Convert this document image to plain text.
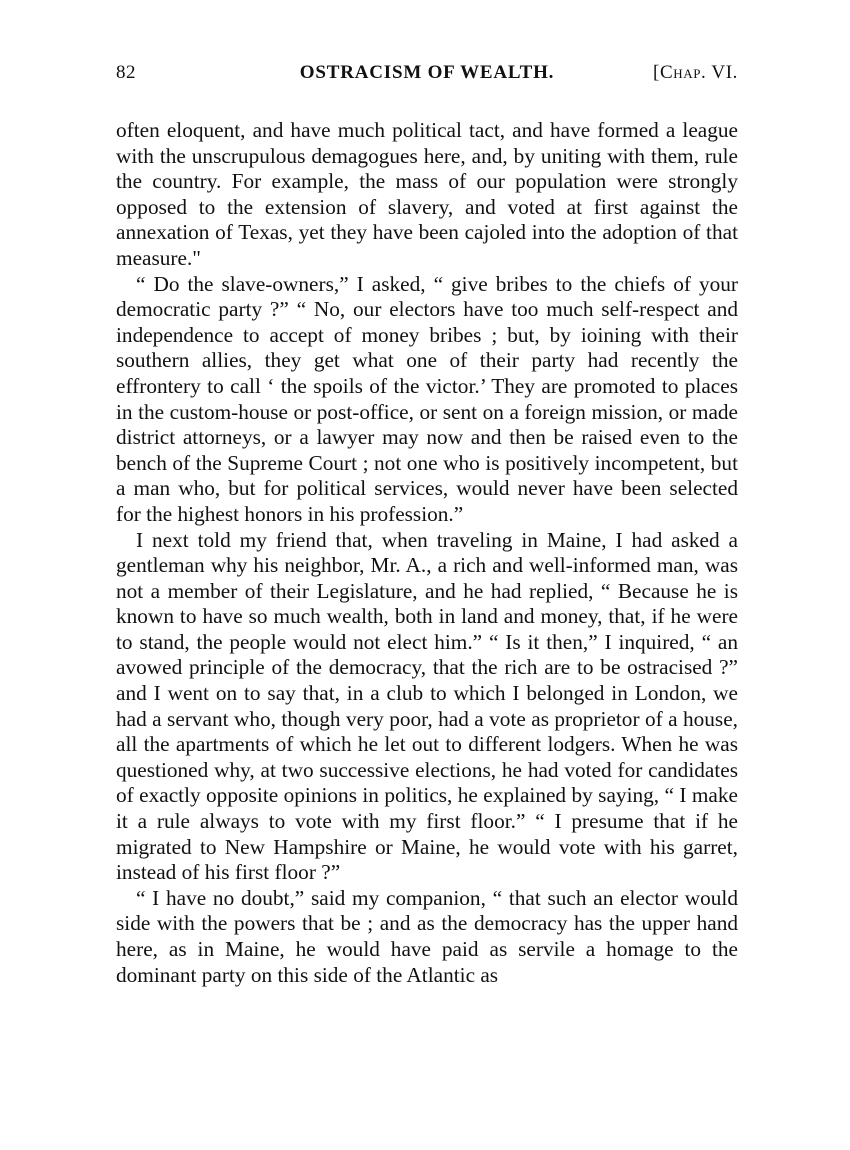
82	OSTRACISM OF WEALTH.	[Chap. VI.

often eloquent, and have much political tact, and have formed a league with the unscrupulous demagogues here, and, by uniting with them, rule the country. For example, the mass of our population were strongly opposed to the extension of slavery, and voted at first against the annexation of Texas, yet they have been cajoled into the adoption of that measure."

“ Do the slave-owners,” I asked, “ give bribes to the chiefs of your democratic party ?” “ No, our electors have too much self-respect and independence to accept of money bribes ; but, by ioining with their southern allies, they get what one of their party had recently the effrontery to call ‘ the spoils of the victor.’ They are promoted to places in the custom-house or post-office, or sent on a foreign mission, or made district attorneys, or a lawyer may now and then be raised even to the bench of the Supreme Court ; not one who is positively incompetent, but a man who, but for political services, would never have been selected for the highest honors in his profession.”

I next told my friend that, when traveling in Maine, I had asked a gentleman why his neighbor, Mr. A., a rich and well-informed man, was not a member of their Legislature, and he had replied, “ Because he is known to have so much wealth, both in land and money, that, if he were to stand, the people would not elect him.” “ Is it then,” I inquired, “ an avowed principle of the democracy, that the rich are to be ostracised ?” and I went on to say that, in a club to which I belonged in London, we had a servant who, though very poor, had a vote as proprietor of a house, all the apartments of which he let out to different lodgers. When he was questioned why, at two successive elections, he had voted for candidates of exactly opposite opinions in politics, he explained by saying, “ I make it a rule always to vote with my first floor.” “ I presume that if he migrated to New Hampshire or Maine, he would vote with his garret, instead of his first floor ?”

“ I have no doubt,” said my companion, “ that such an elector would side with the powers that be ; and as the democracy has the upper hand here, as in Maine, he would have paid as servile a homage to the dominant party on this side of the Atlantic as
